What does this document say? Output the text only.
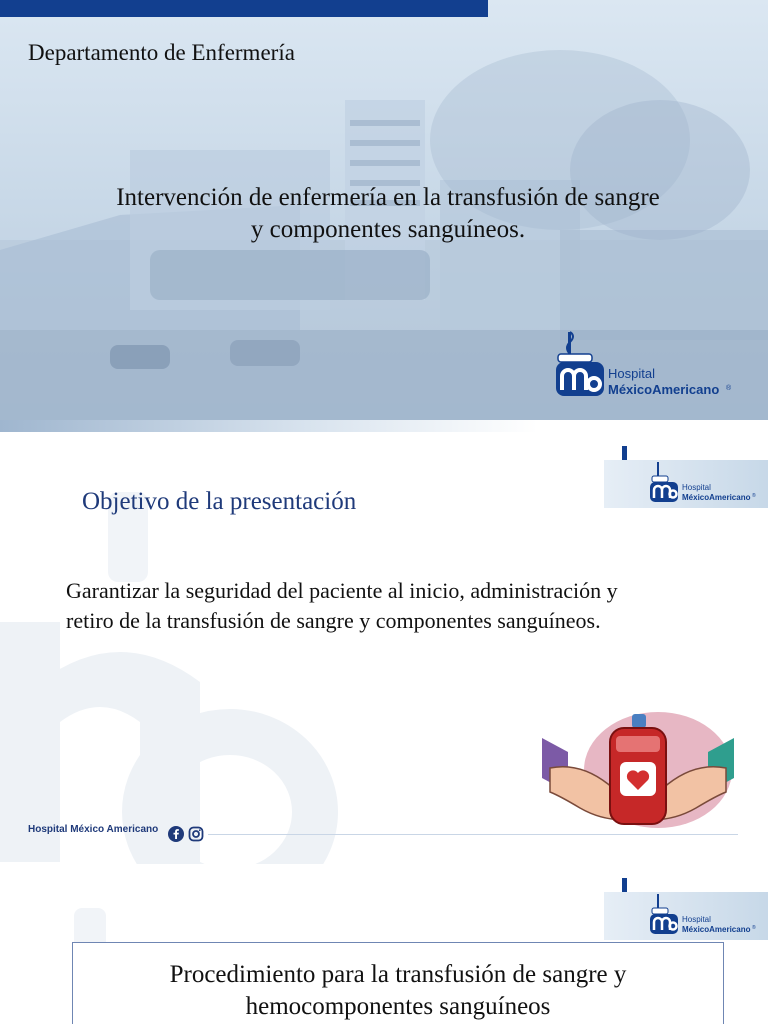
Departamento de Enfermería
Intervención de enfermería en la transfusión de sangre
y componentes sanguíneos.
Hospital
MéxicoAmericano ®
Hospital
MéxicoAmericano ®
Objetivo de la presentación
Garantizar la seguridad del paciente al inicio, administración y
retiro de la transfusión de sangre y componentes sanguíneos.
Hospital México Americano
Hospital
MéxicoAmericano ®
Procedimiento para la transfusión de sangre y
hemocomponentes sanguíneos
